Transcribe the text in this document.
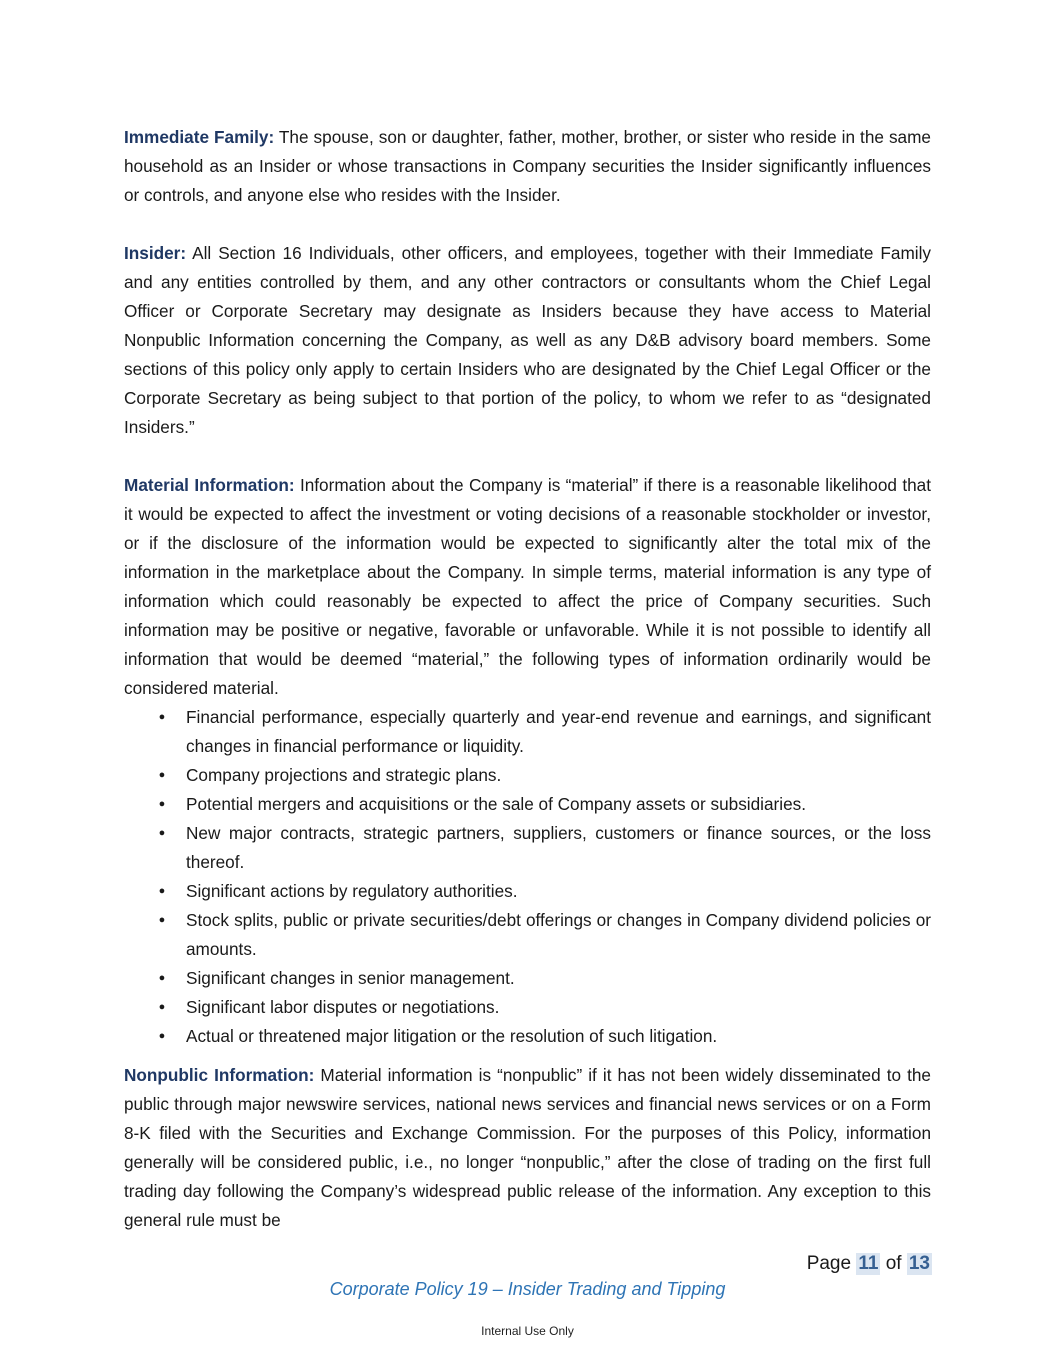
Immediate Family: The spouse, son or daughter, father, mother, brother, or sister who reside in the same household as an Insider or whose transactions in Company securities the Insider significantly influences or controls, and anyone else who resides with the Insider.

Insider: All Section 16 Individuals, other officers, and employees, together with their Immediate Family and any entities controlled by them, and any other contractors or consultants whom the Chief Legal Officer or Corporate Secretary may designate as Insiders because they have access to Material Nonpublic Information concerning the Company, as well as any D&B advisory board members. Some sections of this policy only apply to certain Insiders who are designated by the Chief Legal Officer or the Corporate Secretary as being subject to that portion of the policy, to whom we refer to as “designated Insiders.”

Material Information: Information about the Company is “material” if there is a reasonable likelihood that it would be expected to affect the investment or voting decisions of a reasonable stockholder or investor, or if the disclosure of the information would be expected to significantly alter the total mix of the information in the marketplace about the Company. In simple terms, material information is any type of information which could reasonably be expected to affect the price of Company securities. Such information may be positive or negative, favorable or unfavorable. While it is not possible to identify all information that would be deemed “material,” the following types of information ordinarily would be considered material.

● Financial performance, especially quarterly and year-end revenue and earnings, and significant changes in financial performance or liquidity.
● Company projections and strategic plans.
● Potential mergers and acquisitions or the sale of Company assets or subsidiaries.
● New major contracts, strategic partners, suppliers, customers or finance sources, or the loss thereof.
● Significant actions by regulatory authorities.
● Stock splits, public or private securities/debt offerings or changes in Company dividend policies or amounts.
● Significant changes in senior management.
● Significant labor disputes or negotiations.
● Actual or threatened major litigation or the resolution of such litigation.

Nonpublic Information: Material information is “nonpublic” if it has not been widely disseminated to the public through major newswire services, national news services and financial news services or on a Form 8-K filed with the Securities and Exchange Commission. For the purposes of this Policy, information generally will be considered public, i.e., no longer “nonpublic,” after the close of trading on the first full trading day following the Company’s widespread public release of the information. Any exception to this general rule must be

Page 11 of 13
Corporate Policy 19 – Insider Trading and Tipping
Internal Use Only
